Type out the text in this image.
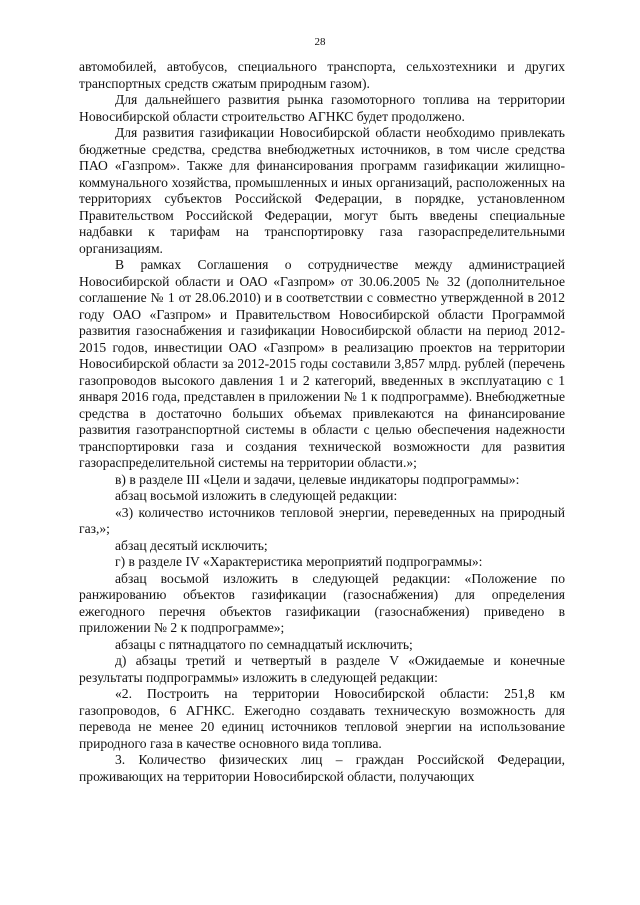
28

автомобилей, автобусов, специального транспорта, сельхозтехники и других транспортных средств сжатым природным газом).

Для дальнейшего развития рынка газомоторного топлива на территории Новосибирской области строительство АГНКС будет продолжено.

Для развития газификации Новосибирской области необходимо привлекать бюджетные средства, средства внебюджетных источников, в том числе средства ПАО «Газпром». Также для финансирования программ газификации жилищно-коммунального хозяйства, промышленных и иных организаций, расположенных на территориях субъектов Российской Федерации, в порядке, установленном Правительством Российской Федерации, могут быть введены специальные надбавки к тарифам на транспортировку газа газораспределительными организациям.

В рамках Соглашения о сотрудничестве между администрацией Новосибирской области и ОАО «Газпром» от 30.06.2005 № 32 (дополнительное соглашение № 1 от 28.06.2010) и в соответствии с совместно утвержденной в 2012 году ОАО «Газпром» и Правительством Новосибирской области Программой развития газоснабжения и газификации Новосибирской области на период 2012-2015 годов, инвестиции ОАО «Газпром» в реализацию проектов на территории Новосибирской области за 2012-2015 годы составили 3,857 млрд. рублей (перечень газопроводов высокого давления 1 и 2 категорий, введенных в эксплуатацию с 1 января 2016 года, представлен в приложении № 1 к подпрограмме). Внебюджетные средства в достаточно больших объемах привлекаются на финансирование развития газотранспортной системы в области с целью обеспечения надежности транспортировки газа и создания технической возможности для развития газораспределительной системы на территории области.»;

в) в разделе III «Цели и задачи, целевые индикаторы подпрограммы»:

абзац восьмой изложить в следующей редакции:

«3) количество источников тепловой энергии, переведенных на природный газ,»;

абзац десятый исключить;

г) в разделе IV «Характеристика мероприятий подпрограммы»:

абзац восьмой изложить в следующей редакции: «Положение по ранжированию объектов газификации (газоснабжения) для определения ежегодного перечня объектов газификации (газоснабжения) приведено в приложении № 2 к подпрограмме»;

абзацы с пятнадцатого по семнадцатый исключить;

д) абзацы третий и четвертый в разделе V «Ожидаемые и конечные результаты подпрограммы» изложить в следующей редакции:

«2. Построить на территории Новосибирской области: 251,8 км газопроводов, 6 АГНКС. Ежегодно создавать техническую возможность для перевода не менее 20 единиц источников тепловой энергии на использование природного газа в качестве основного вида топлива.

3. Количество физических лиц – граждан Российской Федерации, проживающих на территории Новосибирской области, получающих
